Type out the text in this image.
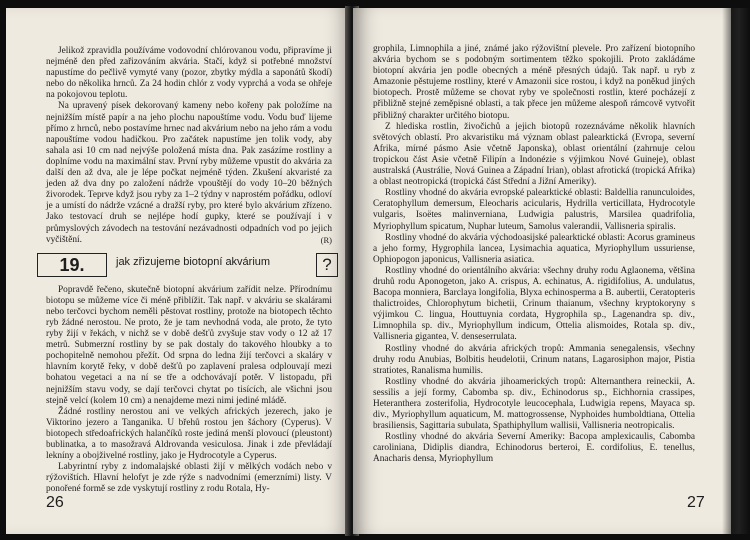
Jelikož zpravidla používáme vodovodní chlórovanou vodu, připravíme ji nejméně den před zařizováním akvária. Stačí, když si potřebné množství napustíme do pečlivě vymyté vany (pozor, zbytky mýdla a saponátů škodí) nebo do několika hrnců. Za 24 hodin chlór z vody vyprchá a voda se ohřeje na pokojovou teplotu.

Na upravený písek dekorovaný kameny nebo kořeny pak položíme na nejnižším místě papír a na jeho plochu napouštíme vodu. Vodu buď lijeme přímo z hrnců, nebo postavíme hrnec nad akvárium nebo na jeho rám a vodu napouštíme vodou hadičkou. Pro začátek napustíme jen tolik vody, aby sahala asi 10 cm nad nejvýše položená místa dna. Pak zasázíme rostliny a doplníme vodu na maximální stav. První ryby můžeme vpustit do akvária za další den až dva, ale je lépe počkat nejméně týden. Zkušení akvaristé za jeden až dva dny po založení nádrže vpouštějí do vody 10–20 běžných živorodek. Teprve když jsou ryby za 1–2 týdny v naprostém pořádku, odloví je a umístí do nádrže vzácné a dražší ryby, pro které bylo akvárium zřízeno. Jako testovací druh se nejlépe hodí gupky, které se používají i v průmyslových závodech na testování nezávadnosti odpadních vod po jejich vyčištění.	(R)

19.	jak zřizujeme biotopní akvárium	?

Popravdě řečeno, skutečně biotopní akvárium zařídit nelze. Přírodnímu biotopu se můžeme více či méně přiblížit. Tak např. v akváriu se skalárami nebo terčovci bychom neměli pěstovat rostliny, protože na biotopech těchto ryb žádné nerostou. Ne proto, že je tam nevhodná voda, ale proto, že tyto ryby žijí v řekách, v nichž se v době dešťů zvyšuje stav vody o 12 až 17 metrů. Submerzní rostliny by se pak dostaly do takového hloubky a to pochopitelně nemohou přežít. Od srpna do ledna žijí terčovci a skaláry v hlavním korytě řeky, v době dešťů po zaplavení pralesa odplouvají mezi bohatou vegetaci a na ní se tře a odchovávají potěr. V listopadu, při nejnižším stavu vody, se dají terčovci chytat po tisících, ale všichni jsou stejně velcí (kolem 10 cm) a nenajdeme mezi nimi jediné mládě.

Žádné rostliny nerostou ani ve velkých afrických jezerech, jako je Viktorino jezero a Tanganika. U břehů rostou jen šáchory (Cyperus). V biotopech středoafrických halančíků roste jediná menší plovoucí (pleustont) bublinatka, a to masožravá Aldrovanda vesiculosa. Jinak i zde převládají lekníny a obojživelné rostliny, jako je Hydrocotyle a Cyperus.

Labyrintní ryby z indomalajské oblasti žijí v mělkých vodách nebo v rýžovištích. Hlavní helofyt je zde rýže s nadvodními (emerzními) listy. V ponořené formě se zde vyskytují rostliny z rodu Rotala, Hy-

26

grophila, Limnophila a jiné, známé jako rýžovištní plevele. Pro zařízení biotopního akvária bychom se s podobným sortimentem těžko spokojili. Proto zakládáme biotopní akvária jen podle obecných a méně přesných údajů. Tak např. u ryb z Amazonie pěstujeme rostliny, které v Amazonii sice rostou, i když na poněkud jiných biotopech. Prostě můžeme se chovat ryby ve společnosti rostlin, které pocházejí z přibližně stejné zeměpisné oblasti, a tak přece jen můžeme alespoň rámcově vytvořit přibližný charakter určitého biotopu.

Z hlediska rostlin, živočichů a jejich biotopů rozeznáváme několik hlavních světových oblastí. Pro akvaristiku má význam oblast palearktická (Evropa, severní Afrika, mírné pásmo Asie včetně Japonska), oblast orientální (zahrnuje celou tropickou část Asie včetně Filipín a Indonézie s výjimkou Nové Guineje), oblast australská (Austrálie, Nová Guinea a Západní Irian), oblast afrotická (tropická Afrika) a oblast neotropická (tropická část Střední a Jižní Ameriky).

Rostliny vhodné do akvária evropské palearktické oblasti: Baldellia ranunculoides, Ceratophyllum demersum, Eleocharis acicularis, Hydrilla verticillata, Hydrocotyle vulgaris, Isoëtes malinverniana, Ludwigia palustris, Marsilea quadrifolia, Myriophyllum spicatum, Nuphar luteum, Samolus valerandii, Vallisneria spiralis.

Rostliny vhodné do akvária východoasijské palearktické oblasti: Acorus gramineus a jeho formy, Hygrophila lancea, Lysimachia aquatica, Myriophyllum ussuriense, Ophiopogon japonicus, Vallisneria asiatica.

Rostliny vhodné do orientálního akvária: všechny druhy rodu Aglaonema, většina druhů rodu Aponogeton, jako A. crispus, A. echinatus, A. rigidifolius, A. undulatus, Bacopa monniera, Barclaya longifolia, Blyxa echinosperma a B. aubertii, Ceratopteris thalictroides, Chlorophytum bichetii, Crinum thaianum, všechny kryptokoryny s výjimkou C. lingua, Houttuynia cordata, Hygrophila sp., Lagenandra sp. div., Limnophila sp. div., Myriophyllum indicum, Ottelia alismoides, Rotala sp. div., Vallisneria gigantea, V. denseserrulata.

Rostliny vhodné do akvária afrických tropů: Ammania senegalensis, všechny druhy rodu Anubias, Bolbitis heudelotii, Crinum natans, Lagarosiphon major, Pistia stratiotes, Ranalisma humilis.

Rostliny vhodné do akvária jihoamerických tropů: Alternanthera reineckii, A. sessilis a její formy, Cabomba sp. div., Echinodorus sp., Eichhornia crassipes, Heteranthera zosterifolia, Hydrocotyle leucocephala, Ludwigia repens, Mayaca sp. div., Myriophyllum aquaticum, M. mattogrossense, Nyphoides humboldtiana, Ottelia brasiliensis, Sagittaria subulata, Spathiphyllum wallisii, Vallisneria neotropicalis.

Rostliny vhodné do akvária Severní Ameriky: Bacopa amplexicaulis, Cabomba caroliniana, Didiplis diandra, Echinodorus berteroi, E. cordifolius, E. tenellus, Anacharis densa, Myriophyllum

27
